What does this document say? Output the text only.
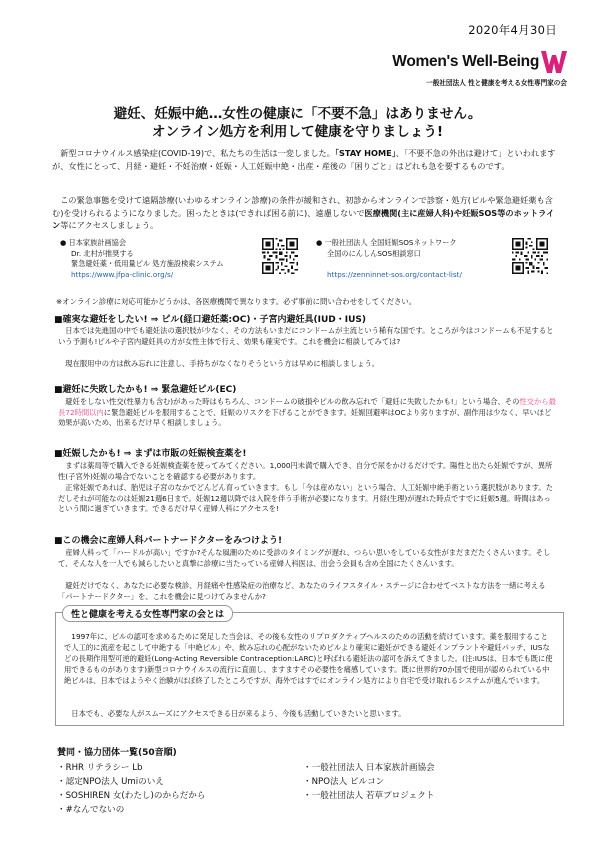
2020年4月30日
Women's Well-Being
一般社団法人 性と健康を考える女性専門家の会
避妊、妊娠中絶…女性の健康に「不要不急」はありません。
オンライン処方を利用して健康を守りましょう!
新型コロナウイルス感染症(COVID-19)で、私たちの生活は一変しました。「STAY HOME」、「不要不急の外出は避けて」といわれますが、女性にとって、月経・避妊・不妊治療・妊娠・人工妊娠中絶・出産・産後の「困りごと」はどれも急を要するものです。
この緊急事態を受けて遠隔診療(いわゆるオンライン診療)の条件が緩和され、初診からオンラインで診察・処方(ピルや緊急避妊薬も含む)を受けられるようになりました。困ったときは(できれば困る前に)、遠慮しないで医療機関(主に産婦人科)や妊娠SOS等のホットライン等にアクセスしましょう。
● 日本家族計画協会
Dr. 北村が推奨する
緊急避妊薬・低用量ピル 処方施設検索システム
https://www.jfpa-clinic.org/s/
● 一般社団法人 全国妊娠SOSネットワーク
全国のにんしんSOS相談窓口
https://zenninnet-sos.org/contact-list/
※オンライン診療に対応可能かどうかは、各医療機関で異なります。必ず事前に問い合わせをしてください。
■確実な避妊をしたい! ⇒ ピル(経口避妊薬:OC)・子宮内避妊具(IUD・IUS)
日本では先進国の中でも避妊法の選択肢が少なく、その方法もいまだにコンドームが主流という稀有な国です。ところが今はコンドームも不足するという予測も!ピルや子宮内避妊具の方が女性主体で行え、効果も確実です。これを機会に相談してみては?
現在服用中の方は飲み忘れに注意し、手持ちがなくなりそうという方は早めに相談しましょう。
■避妊に失敗したかも! ⇒ 緊急避妊ピル(EC)
避妊をしない性交(性暴力も含む)があった時はもちろん、コンドームの破損やピルの飲み忘れで「避妊に失敗したかも!」という場合、その性交から最長72時間以内に緊急避妊ピルを服用することで、妊娠のリスクを下げることができます。妊娠回避率はOCより劣りますが、副作用は少なく、早いほど効果が高いため、出来るだけ早く相談しましょう。
■妊娠したかも! ⇒ まずは市販の妊娠検査薬を!
まずは薬局等で購入できる妊娠検査薬を使ってみてください。1,000円未満で購入でき、自分で尿をかけるだけです。陽性と出たら妊娠ですが、異所性(子宮外)妊娠の場合でないことを確認する必要があります。
正常妊娠であれば、胎児は子宮のなかでどんどん育っていきます。もし「今は産めない」という場合、人工妊娠中絶手術という選択肢があります。ただしそれが可能なのは妊娠21週6日まで。妊娠12週以降では入院を伴う手術が必要になります。月経(生理)が遅れた時点ですでに妊娠5週。時間はあっという間に過ぎていきます。できるだけ早く産婦人科にアクセスを!
■この機会に産婦人科パートナードクターをみつけよう!
産婦人科って「ハードルが高い」ですか?そんな風潮のために受診のタイミングが遅れ、つらい思いをしている女性がまだまだたくさんいます。そして、そんな人を一人でも減らしたいと真摯に診療に当たっている産婦人科医は、出会う会員も含め全国にたくさんいます。
避妊だけでなく、あなたに必要な検診、月経痛や性感染症の治療など、あなたのライフスタイル・ステージに合わせてベストな方法を一緒に考える「パートナードクター」を、これを機会に見つけてみませんか?
性と健康を考える女性専門家の会とは
1997年に、ピルの認可を求めるために発足した当会は、その後も女性のリプロダクティブヘルスのための活動を続けています。薬を服用することで人工的に流産を起こして中絶する「中絶ピル」や、飲み忘れの心配がないためピルより確実に避妊ができる避妊インプラントや避妊パッチ、IUSなどの長期作用型可逆的避妊(Long-Acting Reversible Contraception:LARC)と呼ばれる避妊法の認可を訴えてきました。(注:IUSは、日本でも既に使用できるものがあります)新型コロナウイルスの流行に直面し、ますますその必要性を痛感しています。既に世界約70か国で使用が認められている中絶ピルは、日本ではようやく治験がほぼ終了したところですが、海外ではすでにオンライン処方により自宅で受け取れるシステムが進んでいます。
日本でも、必要な人がスムーズにアクセスできる日が来るよう、今後も活動していきたいと思います。
賛同・協力団体一覧(50音順)
・RHR リテラシー Lb
・認定NPO法人 Umiのいえ
・SOSHIREN 女(わたし)のからだから
・#なんでないの
・一般社団法人 日本家族計画協会
・NPO法人 ピルコン
・一般社団法人 若草プロジェクト
